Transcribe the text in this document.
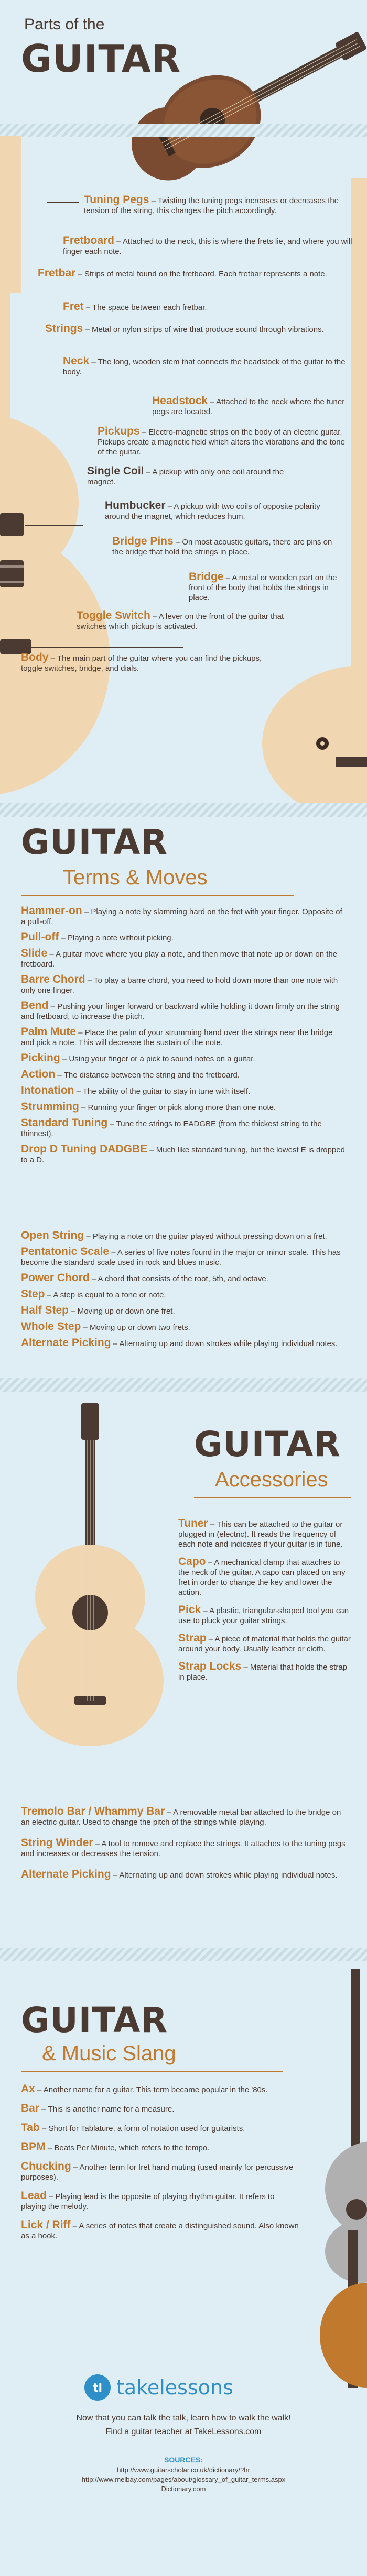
Parts of the
GUITAR
Tuning Pegs – Twisting the tuning pegs increases or decreases the tension of the string, this changes the pitch accordingly.
Fretboard – Attached to the neck, this is where the frets lie, and where you will finger each note.
Fretbar – Strips of metal found on the fretboard. Each fretbar represents a note.
Fret – The space between each fretbar.
Strings – Metal or nylon strips of wire that produce sound through vibrations.
Neck – The long, wooden stem that connects the headstock of the guitar to the body.
Headstock – Attached to the neck where the tuner pegs are located.
Pickups – Electro-magnetic strips on the body of an electric guitar. Pickups create a magnetic field which alters the vibrations and the tone of the guitar.
Single Coil – A pickup with only one coil around the magnet.
Humbucker – A pickup with two coils of opposite polarity around the magnet, which reduces hum.
Bridge Pins – On most acoustic guitars, there are pins on the bridge that hold the strings in place.
Bridge – A metal or wooden part on the front of the body that holds the strings in place.
Toggle Switch – A lever on the front of the guitar that switches which pickup is activated.
Body – The main part of the guitar where you can find the pickups, toggle switches, bridge, and dials.
GUITAR
Terms & Moves
Hammer-on – Playing a note by slamming hard on the fret with your finger. Opposite of a pull-off.
Pull-off – Playing a note without picking.
Slide – A guitar move where you play a note, and then move that note up or down on the fretboard.
Barre Chord – To play a barre chord, you need to hold down more than one note with only one finger.
Bend – Pushing your finger forward or backward while holding it down firmly on the string and fretboard, to increase the pitch.
Palm Mute – Place the palm of your strumming hand over the strings near the bridge and pick a note. This will decrease the sustain of the note.
Picking – Using your finger or a pick to sound notes on a guitar.
Action – The distance between the string and the fretboard.
Intonation – The ability of the guitar to stay in tune with itself.
Strumming – Running your finger or pick along more than one note.
Standard Tuning – Tune the strings to EADGBE (from the thickest string to the thinnest).
Drop D Tuning DADGBE – Much like standard tuning, but the lowest E is dropped to a D.
Open String – Playing a note on the guitar played without pressing down on a fret.
Pentatonic Scale – A series of five notes found in the major or minor scale. This has become the standard scale used in rock and blues music.
Power Chord – A chord that consists of the root, 5th, and octave.
Step – A step is equal to a tone or note.
Half Step – Moving up or down one fret.
Whole Step – Moving up or down two frets.
Alternate Picking – Alternating up and down strokes while playing individual notes.
GUITAR
Accessories
Tuner – This can be attached to the guitar or plugged in (electric). It reads the frequency of each note and indicates if your guitar is in tune.
Capo – A mechanical clamp that attaches to the neck of the guitar. A capo can placed on any fret in order to change the key and lower the action.
Pick – A plastic, triangular-shaped tool you can use to pluck your guitar strings.
Strap – A piece of material that holds the guitar around your body. Usually leather or cloth.
Strap Locks – Material that holds the strap in place.
Tremolo Bar / Whammy Bar – A removable metal bar attached to the bridge on an electric guitar. Used to change the pitch of the strings while playing.
String Winder – A tool to remove and replace the strings. It attaches to the tuning pegs and increases or decreases the tension.
Alternate Picking – Alternating up and down strokes while playing individual notes.
GUITAR
& Music Slang
Ax – Another name for a guitar. This term became popular in the '80s.
Bar – This is another name for a measure.
Tab – Short for Tablature, a form of notation used for guitarists.
BPM – Beats Per Minute, which refers to the tempo.
Chucking – Another term for fret hand muting (used mainly for percussive purposes).
Lead – Playing lead is the opposite of playing rhythm guitar. It refers to playing the melody.
Lick / Riff – A series of notes that create a distinguished sound. Also known as a hook.
tl takelessons
Now that you can talk the talk, learn how to walk the walk!
Find a guitar teacher at TakeLessons.com
SOURCES:
http://www.guitarscholar.co.uk/dictionary/?hr
http://www.melbay.com/pages/about/glossary_of_guitar_terms.aspx
Dictionary.com
